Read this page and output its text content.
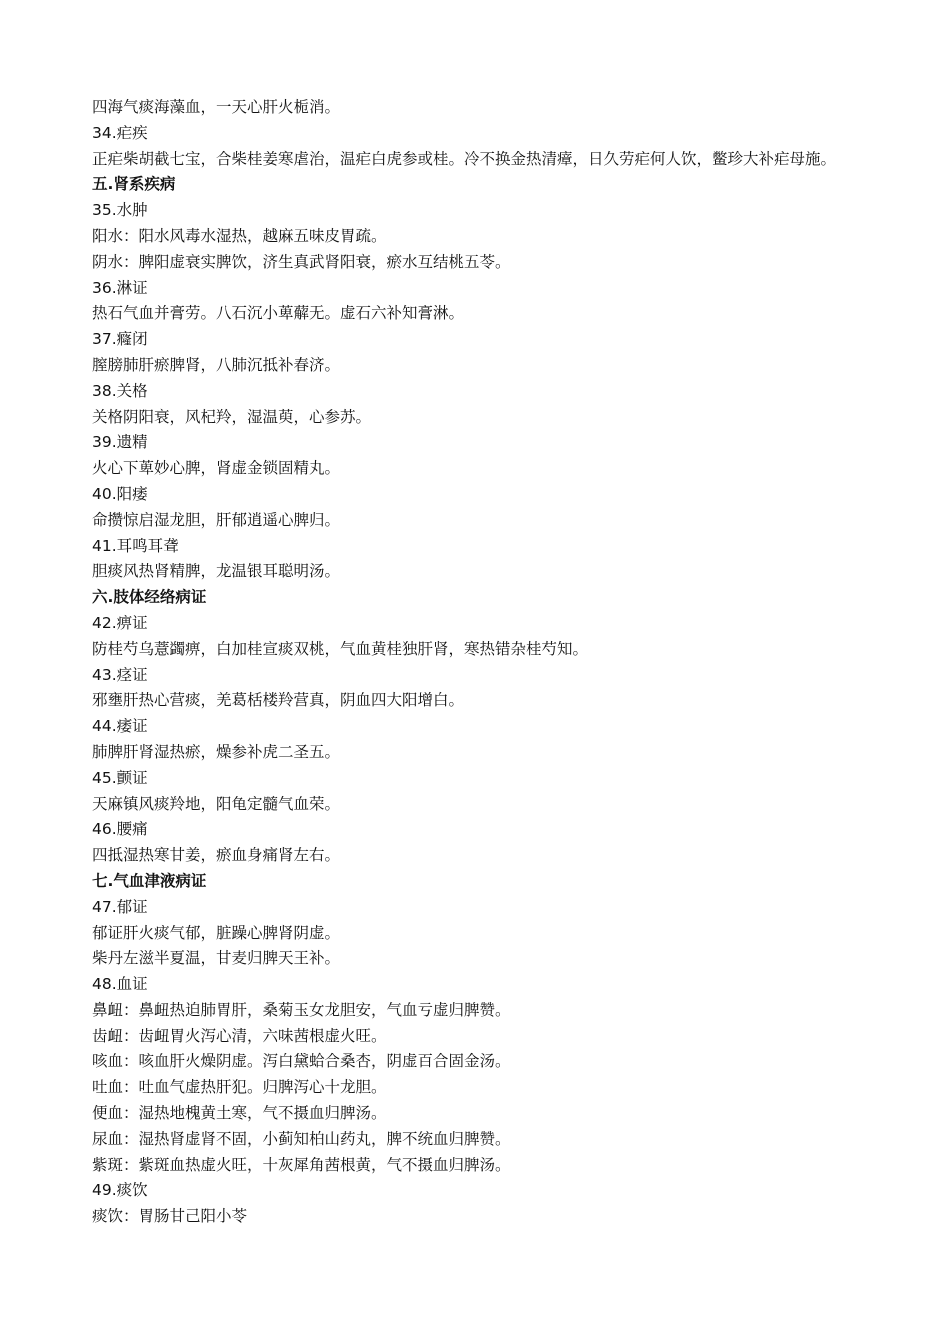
四海气痰海藻血，一天心肝火栀消。

34.疟疾

正疟柴胡截七宝，合柴桂姜寒虐治，温疟白虎参或桂。冷不换金热清瘴，日久劳疟何人饮，鳖珍大补疟母施。

五.肾系疾病

35.水肿

阳水：阳水风毒水湿热，越麻五味皮胃疏。

阴水：脾阳虚衰实脾饮，济生真武肾阳衰，瘀水互结桃五苓。

36.淋证

热石气血并膏劳。八石沉小萆薢无。虚石六补知膏淋。

37.癃闭

膣膀肺肝瘀脾肾，八肺沉抵补春济。

38.关格

关格阴阳衰，风杞羚，湿温萸，心参苏。

39.遗精

火心下萆妙心脾，肾虚金锁固精丸。

40.阳痿

命攒惊启湿龙胆，肝郁逍遥心脾归。

41.耳鸣耳聋

胆痰风热肾精脾，龙温银耳聪明汤。

六.肢体经络病证

42.痹证

防桂芍乌薏蠲痹，白加桂宣痰双桃，气血黄桂独肝肾，寒热错杂桂芍知。

43.痉证

邪壅肝热心营痰，羌葛栝楼羚营真，阴血四大阳增白。

44.痿证

肺脾肝肾湿热瘀，燥参补虎二圣五。

45.颤证

天麻镇风痰羚地，阳龟定髓气血荣。

46.腰痛

四抵湿热寒甘姜，瘀血身痛肾左右。

七.气血津液病证

47.郁证

郁证肝火痰气郁，脏躁心脾肾阴虚。

柴丹左滋半夏温，甘麦归脾天王补。

48.血证

鼻衄：鼻衄热迫肺胃肝，桑菊玉女龙胆安，气血亏虚归脾赞。

齿衄：齿衄胃火泻心清，六味茜根虚火旺。

咳血：咳血肝火燥阴虚。泻白黛蛤合桑杏，阴虚百合固金汤。

吐血：吐血气虚热肝犯。归脾泻心十龙胆。

便血：湿热地槐黄土寒，气不摄血归脾汤。

尿血：湿热肾虚肾不固，小蓟知柏山药丸，脾不统血归脾赞。

紫斑：紫斑血热虚火旺，十灰犀角茜根黄，气不摄血归脾汤。

49.痰饮

痰饮：胃肠甘己阳小苓
